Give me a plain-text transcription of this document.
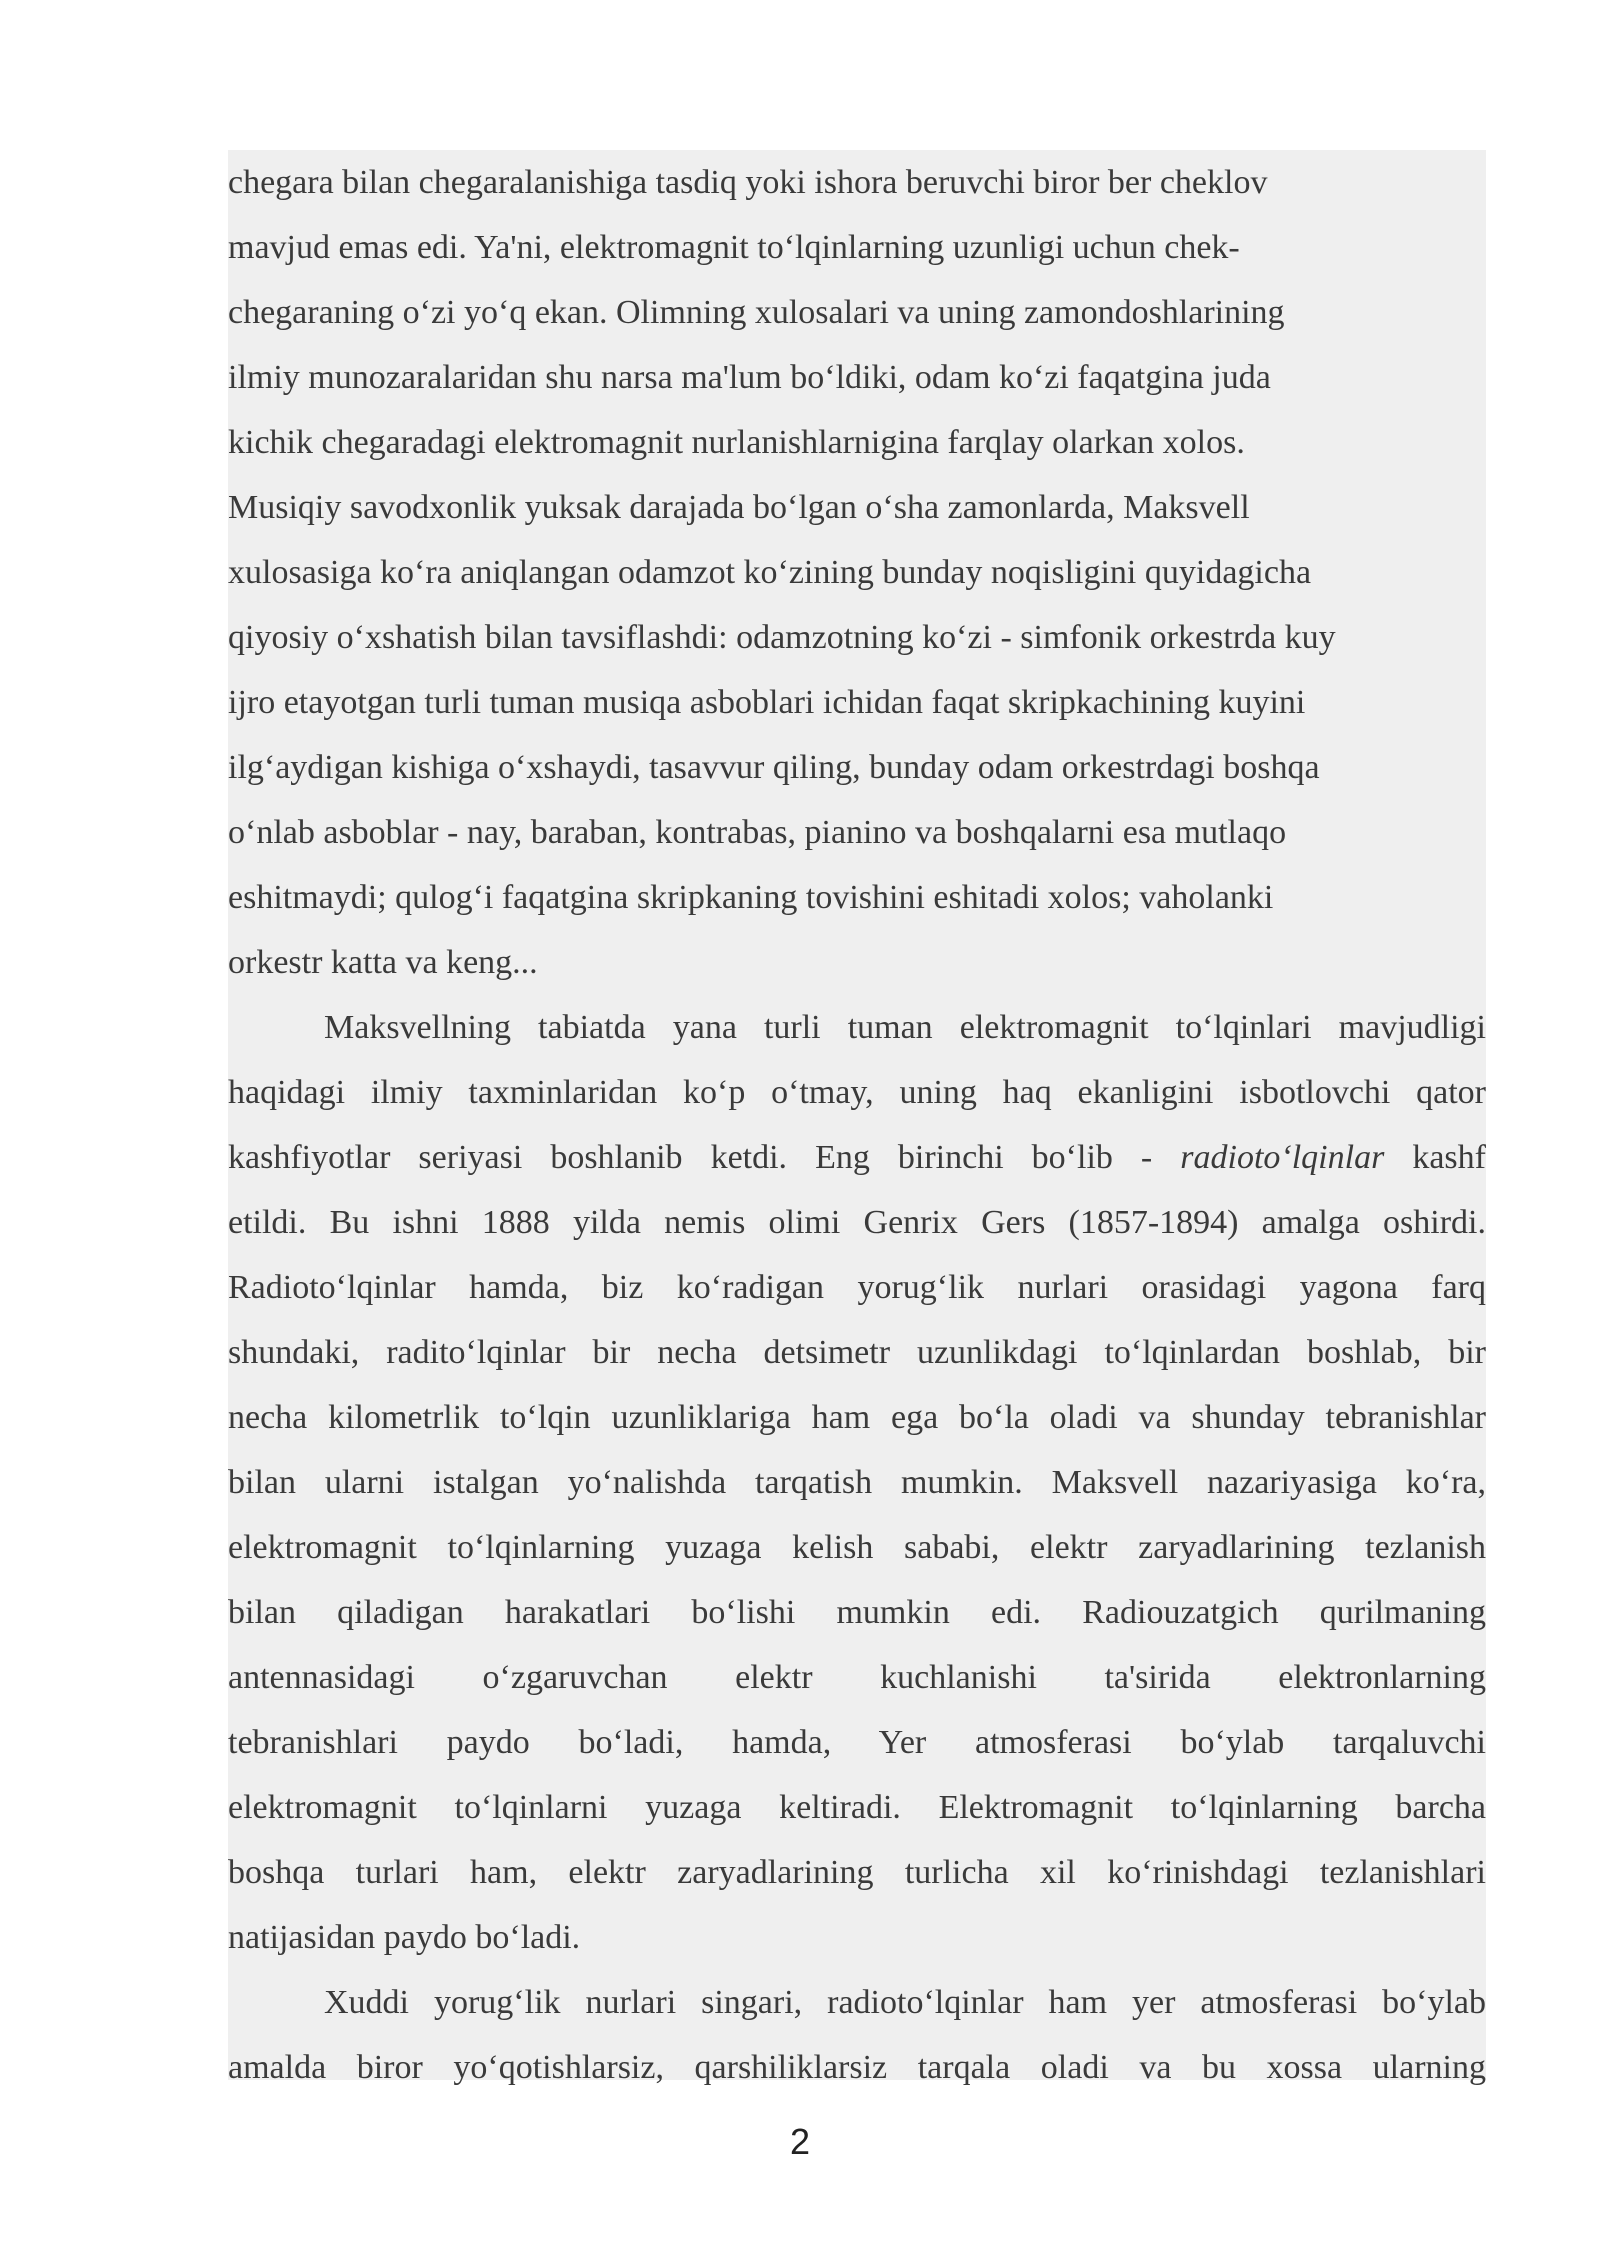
chegara bilan chegaralanishiga tasdiq yoki ishora beruvchi biror ber cheklov
mavjud emas edi. Ya'ni, elektromagnit to‘lqinlarning uzunligi uchun chek-
chegaraning o‘zi yo‘q ekan. Olimning xulosalari va uning zamondoshlarining
ilmiy munozaralaridan shu narsa ma'lum bo‘ldiki, odam ko‘zi faqatgina juda
kichik chegaradagi elektromagnit nurlanishlarnigina farqlay olarkan xolos.
Musiqiy savodxonlik yuksak darajada bo‘lgan o‘sha zamonlarda, Maksvell
xulosasiga ko‘ra aniqlangan odamzot ko‘zining bunday noqisligini quyidagicha
qiyosiy o‘xshatish bilan tavsiflashdi: odamzotning ko‘zi - simfonik orkestrda kuy
ijro etayotgan turli tuman musiqa asboblari ichidan faqat skripkachining kuyini
ilg‘aydigan kishiga o‘xshaydi, tasavvur qiling, bunday odam orkestrdagi boshqa
o‘nlab asboblar - nay, baraban, kontrabas, pianino va boshqalarni esa mutlaqo
eshitmaydi; qulog‘i faqatgina skripkaning tovishini eshitadi xolos; vaholanki
orkestr katta va keng...
Maksvellning tabiatda yana turli tuman elektromagnit to‘lqinlari mavjudligi
haqidagi ilmiy taxminlaridan ko‘p o‘tmay, uning haq ekanligini isbotlovchi qator
kashfiyotlar seriyasi boshlanib ketdi. Eng birinchi bo‘lib - radioto‘lqinlar kashf
etildi. Bu ishni 1888 yilda nemis olimi Genrix Gers (1857-1894) amalga oshirdi.
Radioto‘lqinlar hamda, biz ko‘radigan yorug‘lik nurlari orasidagi yagona farq
shundaki, radito‘lqinlar bir necha detsimetr uzunlikdagi to‘lqinlardan boshlab, bir
necha kilometrlik to‘lqin uzunliklariga ham ega bo‘la oladi va shunday tebranishlar
bilan ularni istalgan yo‘nalishda tarqatish mumkin. Maksvell nazariyasiga ko‘ra,
elektromagnit to‘lqinlarning yuzaga kelish sababi, elektr zaryadlarining tezlanish
bilan qiladigan harakatlari bo‘lishi mumkin edi. Radiouzatgich qurilmaning
antennasidagi o‘zgaruvchan elektr kuchlanishi ta'sirida elektronlarning
tebranishlari paydo bo‘ladi, hamda, Yer atmosferasi bo‘ylab tarqaluvchi
elektromagnit to‘lqinlarni yuzaga keltiradi. Elektromagnit to‘lqinlarning barcha
boshqa turlari ham, elektr zaryadlarining turlicha xil ko‘rinishdagi tezlanishlari
natijasidan paydo bo‘ladi.
Xuddi yorug‘lik nurlari singari, radioto‘lqinlar ham yer atmosferasi bo‘ylab
amalda biror yo‘qotishlarsiz, qarshiliklarsiz tarqala oladi va bu xossa ularning
2
